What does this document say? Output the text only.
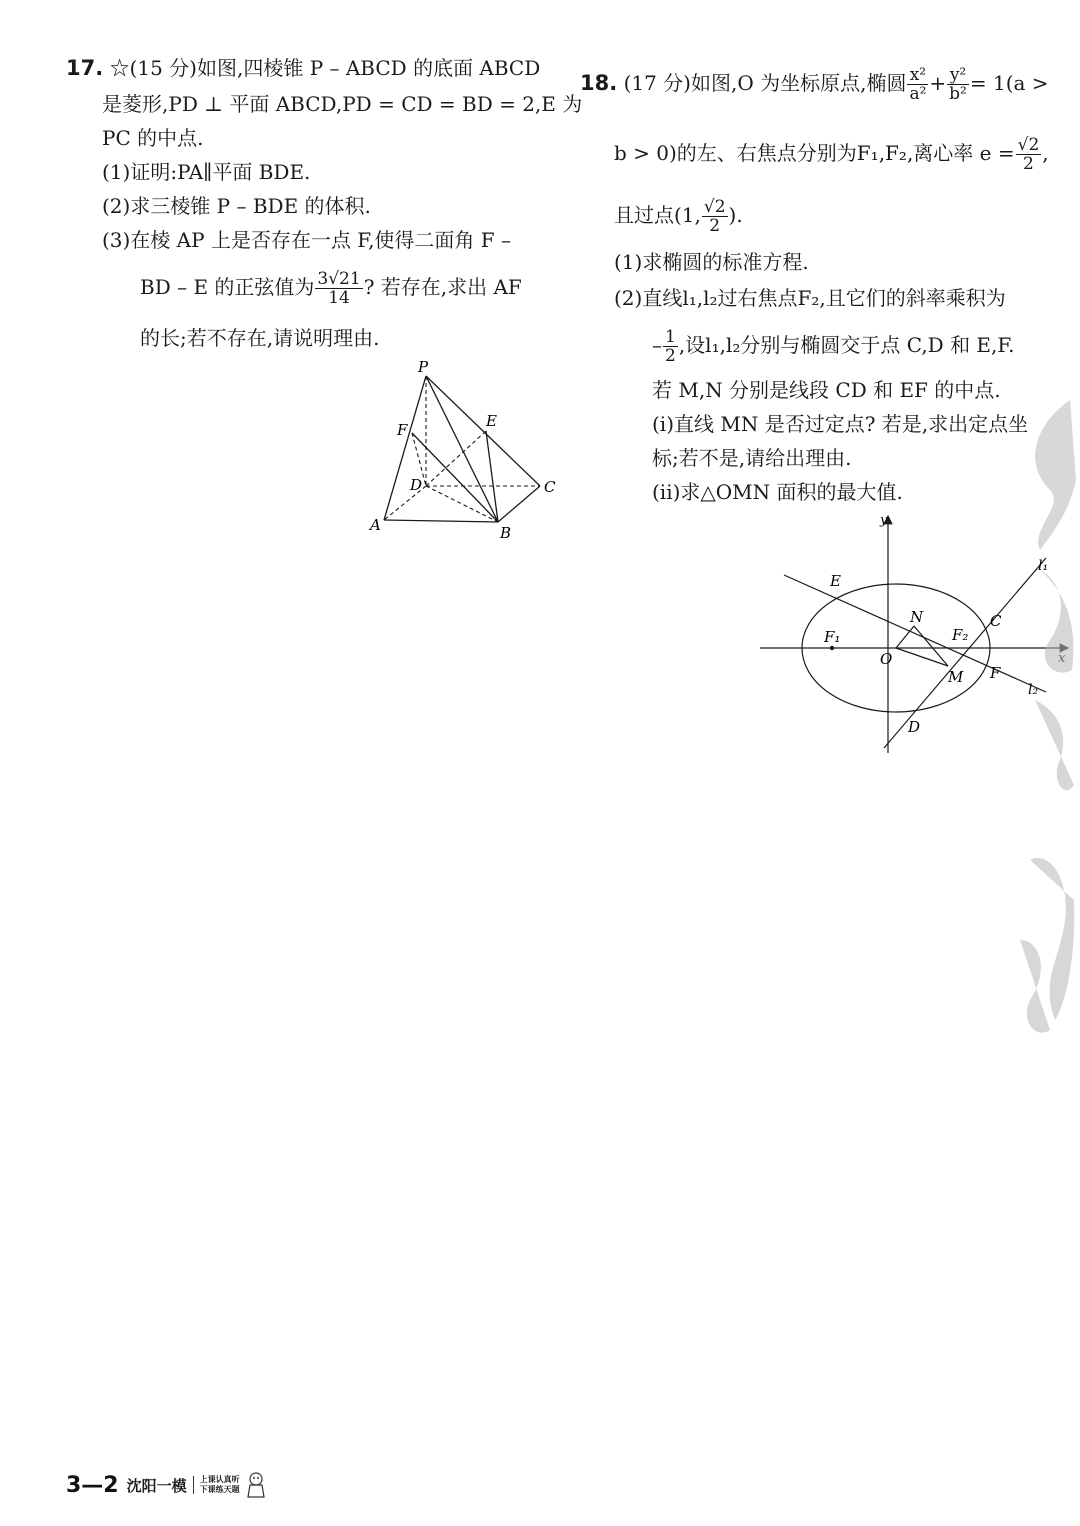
17. ☆(15 分)如图,四棱锥 P – ABCD 的底面 ABCD
是菱形,PD ⊥ 平面 ABCD,PD = CD = BD = 2,E 为
PC 的中点.
(1)证明:PA∥平面 BDE.
(2)求三棱锥 P – BDE 的体积.
(3)在棱 AP 上是否存在一点 F,使得二面角 F –
BD – E 的正弦值为 $\frac{3√21}{14}$ ? 若存在,求出 AF
的长;若不存在,请说明理由.
P
E
F
D	C
A	B
18. (17 分)如图,O 为坐标原点,椭圆 $\frac{\text{x²}}{\text{a²}} + \frac{\text{y²}}{\text{b²}} = 1(a$ >
b > 0)的左、右焦点分别为F₁,F₂,离心率 $e = \frac{√2}{2}$ ,
且过点(1, $\frac{√2}{2}$ ).
(1)求椭圆的标准方程.
(2)直线l₁,l₂过右焦点F₂,且它们的斜率乘积为
– $\frac{1}{2}$ ,设l₁,l₂分别与椭圆交于点 C,D 和 E,F.
若 M,N 分别是线段 CD 和 EF 的中点.
(i)直线 MN 是否过定点? 若是,求出定点坐
标;若不是,请给出理由.
(ii)求△OMN 面积的最大值.
y
l₁
l₂
E
N
F₂
C
F₁
O
M F
D
3—2 沈阳一模 上课认真听
下课练天题
